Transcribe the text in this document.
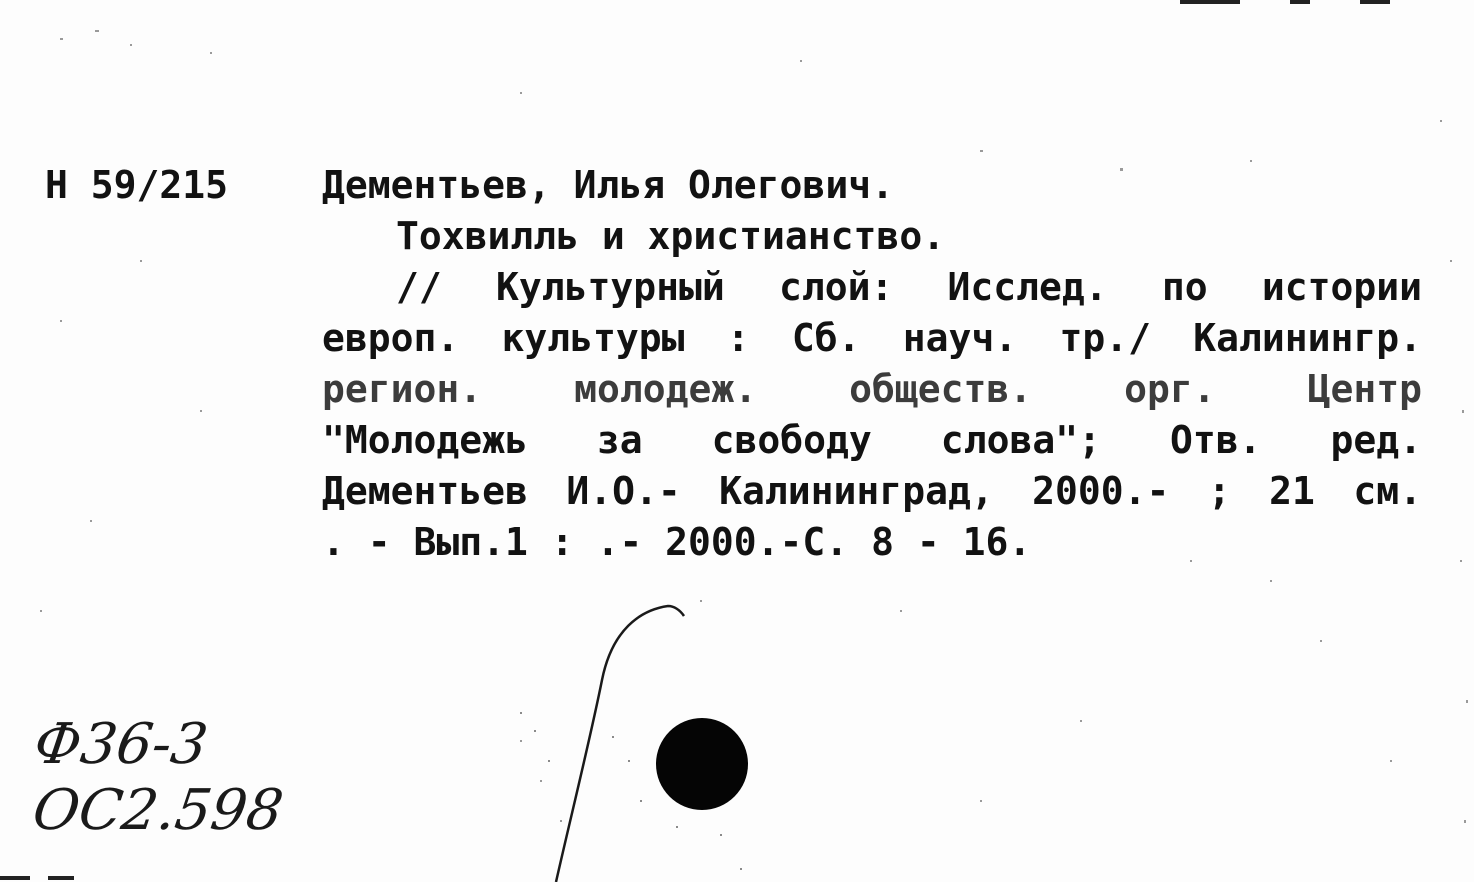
Н 59/215 Дементьев, Илья Олегович.
Тохвилль и христианство.
// Культурный слой: Исслед. по истории
европ. культуры : Сб. науч. тр./ Калинингр.
регион. молодеж. обществ. орг. Центр
"Молодежь за свободу слова"; Отв. ред.
Дементьев И.О.- Калининград, 2000.- ; 21 см.
. - Вып.1 : .- 2000.-С. 8 - 16.
Ф36-3
ОС2.598
